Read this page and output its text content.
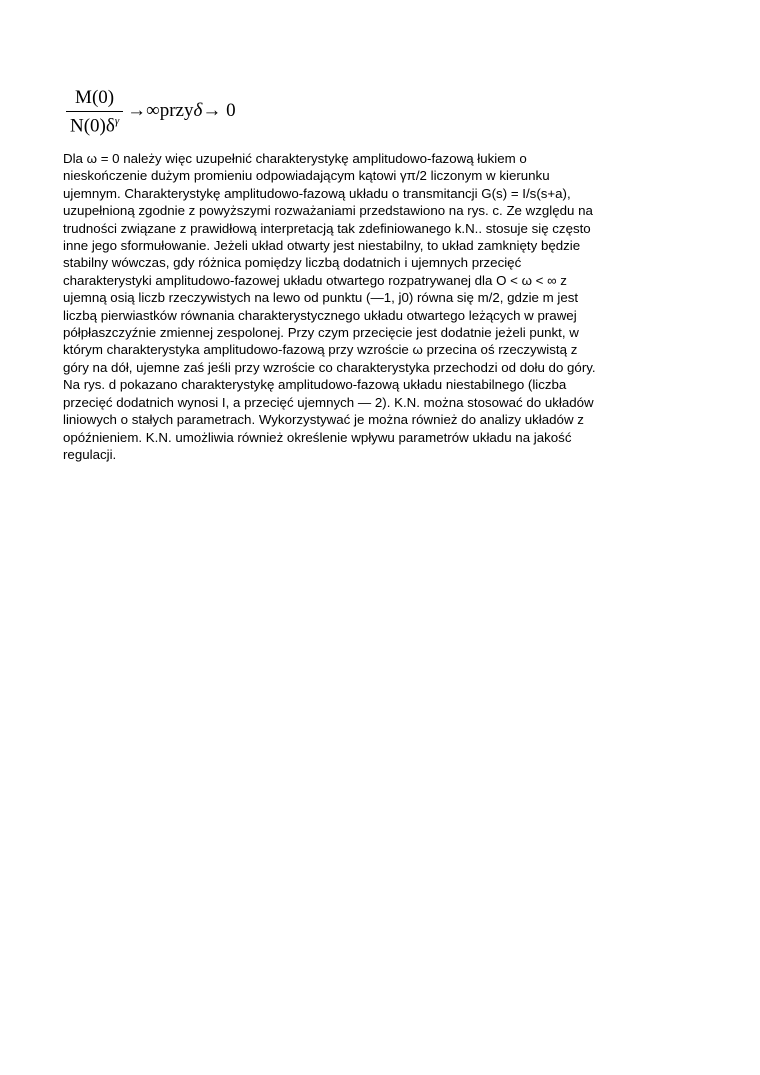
$\frac{M(0)}{N(0)\delta^\gamma}$ →∞przyδ→ 0

Dla ω = 0 należy więc uzupełnić charakterystykę amplitudowo-fazową łukiem o
nieskończenie dużym promieniu odpowiadającym kątowi γπ/2 liczonym w kierunku
ujemnym. Charakterystykę amplitudowo-fazową układu o transmitancji G(s) = I/s(s+a),
uzupełnioną zgodnie z powyższymi rozważaniami przedstawiono na rys. c. Ze względu na
trudności związane z prawidłową interpretacją tak zdefiniowanego k.N.. stosuje się często
inne jego sformułowanie. Jeżeli układ otwarty jest niestabilny, to układ zamknięty będzie
stabilny wówczas, gdy różnica pomiędzy liczbą dodatnich i ujemnych przecięć
charakterystyki amplitudowo-fazowej układu otwartego rozpatrywanej dla O < ω < ∞ z
ujemną osią liczb rzeczywistych na lewo od punktu (—1, j0) równa się m/2, gdzie m jest
liczbą pierwiastków równania charakterystycznego układu otwartego leżących w prawej
półpłaszczyźnie zmiennej zespolonej. Przy czym przecięcie jest dodatnie jeżeli punkt, w
którym charakterystyka amplitudowo-fazową przy wzroście ω przecina oś rzeczywistą z
góry na dół, ujemne zaś jeśli przy wzroście co charakterystyka przechodzi od dołu do góry.
Na rys. d pokazano charakterystykę amplitudowo-fazową układu niestabilnego (liczba
przecięć dodatnich wynosi I, a przecięć ujemnych — 2). K.N. można stosować do układów
liniowych o stałych parametrach. Wykorzystywać je można również do analizy układów z
opóźnieniem. K.N. umożliwia również określenie wpływu parametrów układu na jakość
regulacji.
